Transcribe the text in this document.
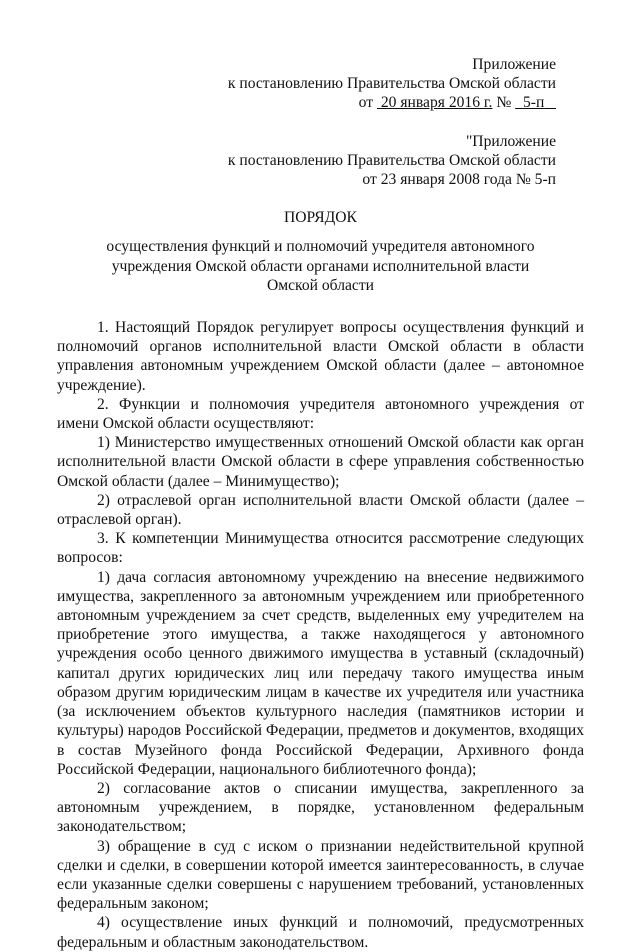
Приложение
к постановлению Правительства Омской области
от 20 января 2016 г. № 5-п
"Приложение
к постановлению Правительства Омской области
от 23 января 2008 года № 5-п
ПОРЯДОК
осуществления функций и полномочий учредителя автономного учреждения Омской области органами исполнительной власти Омской области

1. Настоящий Порядок регулирует вопросы осуществления функций и полномочий органов исполнительной власти Омской области в области управления автономным учреждением Омской области (далее – автономное учреждение).

2. Функции и полномочия учредителя автономного учреждения от имени Омской области осуществляют:

1) Министерство имущественных отношений Омской области как орган исполнительной власти Омской области в сфере управления собственностью Омской области (далее – Минимущество);

2) отраслевой орган исполнительной власти Омской области (далее – отраслевой орган).

3. К компетенции Минимущества относится рассмотрение следующих вопросов:

1) дача согласия автономному учреждению на внесение недвижимого имущества, закрепленного за автономным учреждением или приобретенного автономным учреждением за счет средств, выделенных ему учредителем на приобретение этого имущества, а также находящегося у автономного учреждения особо ценного движимого имущества в уставный (складочный) капитал других юридических лиц или передачу такого имущества иным образом другим юридическим лицам в качестве их учредителя или участника (за исключением объектов культурного наследия (памятников истории и культуры) народов Российской Федерации, предметов и документов, входящих в состав Музейного фонда Российской Федерации, Архивного фонда Российской Федерации, национального библиотечного фонда);

2) согласование актов о списании имущества, закрепленного за автономным учреждением, в порядке, установленном федеральным законодательством;

3) обращение в суд с иском о признании недействительной крупной сделки и сделки, в совершении которой имеется заинтересованность, в случае если указанные сделки совершены с нарушением требований, установленных федеральным законом;

4) осуществление иных функций и полномочий, предусмотренных федеральным и областным законодательством.
